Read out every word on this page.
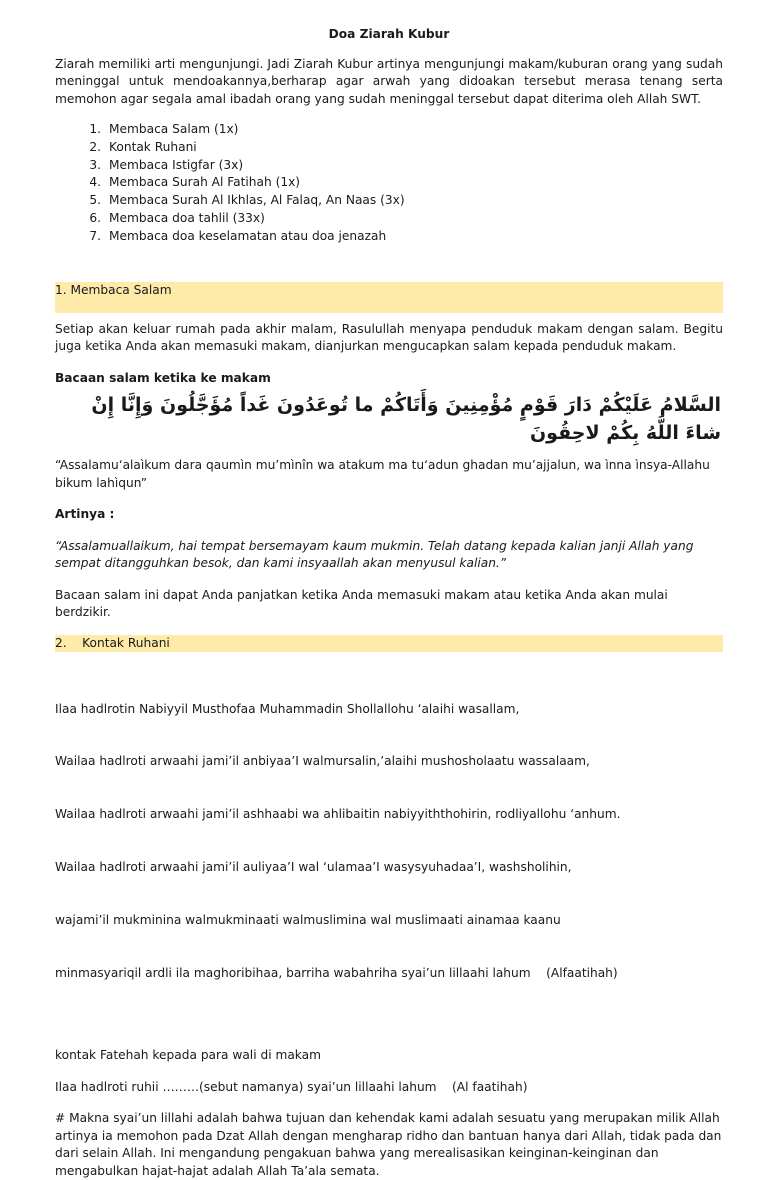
Doa Ziarah Kubur

Ziarah memiliki arti mengunjungi. Jadi Ziarah Kubur artinya mengunjungi makam/kuburan orang yang sudah meninggal untuk mendoakannya,berharap agar arwah yang didoakan tersebut merasa tenang serta memohon agar segala amal ibadah orang yang sudah meninggal tersebut dapat diterima oleh Allah SWT.

1. Membaca Salam (1x)
2. Kontak Ruhani
3. Membaca Istigfar (3x)
4. Membaca Surah Al Fatihah (1x)
5. Membaca Surah Al Ikhlas, Al Falaq, An Naas (3x)
6. Membaca doa tahlil (33x)
7. Membaca doa keselamatan atau doa jenazah
1. Membaca Salam

Setiap akan keluar rumah pada akhir malam, Rasulullah menyapa penduduk makam dengan salam. Begitu juga ketika Anda akan memasuki makam, dianjurkan mengucapkan salam kepada penduduk makam.

Bacaan salam ketika ke makam

السَّلامُ عَلَيْكُمْ دَارَ قَوْمٍ مُؤْمِنِينَ وَأَتَاكُمْ ما تُوعَدُونَ غَداً مُؤَجَّلُونَ وَإِنَّا إِنْ شاءَ اللَّهُ بِكُمْ لاحِقُونَ

“Assalamu‘alaìkum dara qaumìn mu’mìnîn wa atakum ma tu‘adun ghadan mu’ajjalun, wa ìnna ìnsya-Allahu bikum lahìqun”

Artinya :

“Assalamuallaikum, hai tempat bersemayam kaum mukmin. Telah datang kepada kalian janji Allah yang sempat ditangguhkan besok, dan kami insyaallah akan menyusul kalian.”

Bacaan salam ini dapat Anda panjatkan ketika Anda memasuki makam atau ketika Anda akan mulai berdzikir.

2.    Kontak Ruhani

Ilaa hadlrotin Nabiyyil Musthofaa Muhammadin Shollallohu ‘alaihi wasallam,

Wailaa hadlroti arwaahi jami’il anbiyaa’I walmursalin,’alaihi mushosholaatu wassalaam,

Wailaa hadlroti arwaahi jami’il ashhaabi wa ahlibaitin nabiyyiththohirin, rodliyallohu ‘anhum.

Wailaa hadlroti arwaahi jami’il auliyaa’I wal ‘ulamaa’I wasysyuhadaa’I, washsholihin,

wajami’il mukminina walmukminaati walmuslimina wal muslimaati ainamaa kaanu

minmasyariqil ardli ila maghoribihaa, barriha wabahriha syai’un lillaahi lahum    (Alfaatihah)

kontak Fatehah kepada para wali di makam

Ilaa hadlroti ruhii ………(sebut namanya) syai’un lillaahi lahum    (Al faatihah)

# Makna syai’un lillahi adalah bahwa tujuan dan kehendak kami adalah sesuatu yang merupakan milik Allah artinya ia memohon pada Dzat Allah dengan mengharap ridho dan bantuan hanya dari Allah, tidak pada dan dari selain Allah. Ini mengandung pengakuan bahwa yang merealisasikan keinginan-keinginan dan mengabulkan hajat-hajat adalah Allah Ta’ala semata.
